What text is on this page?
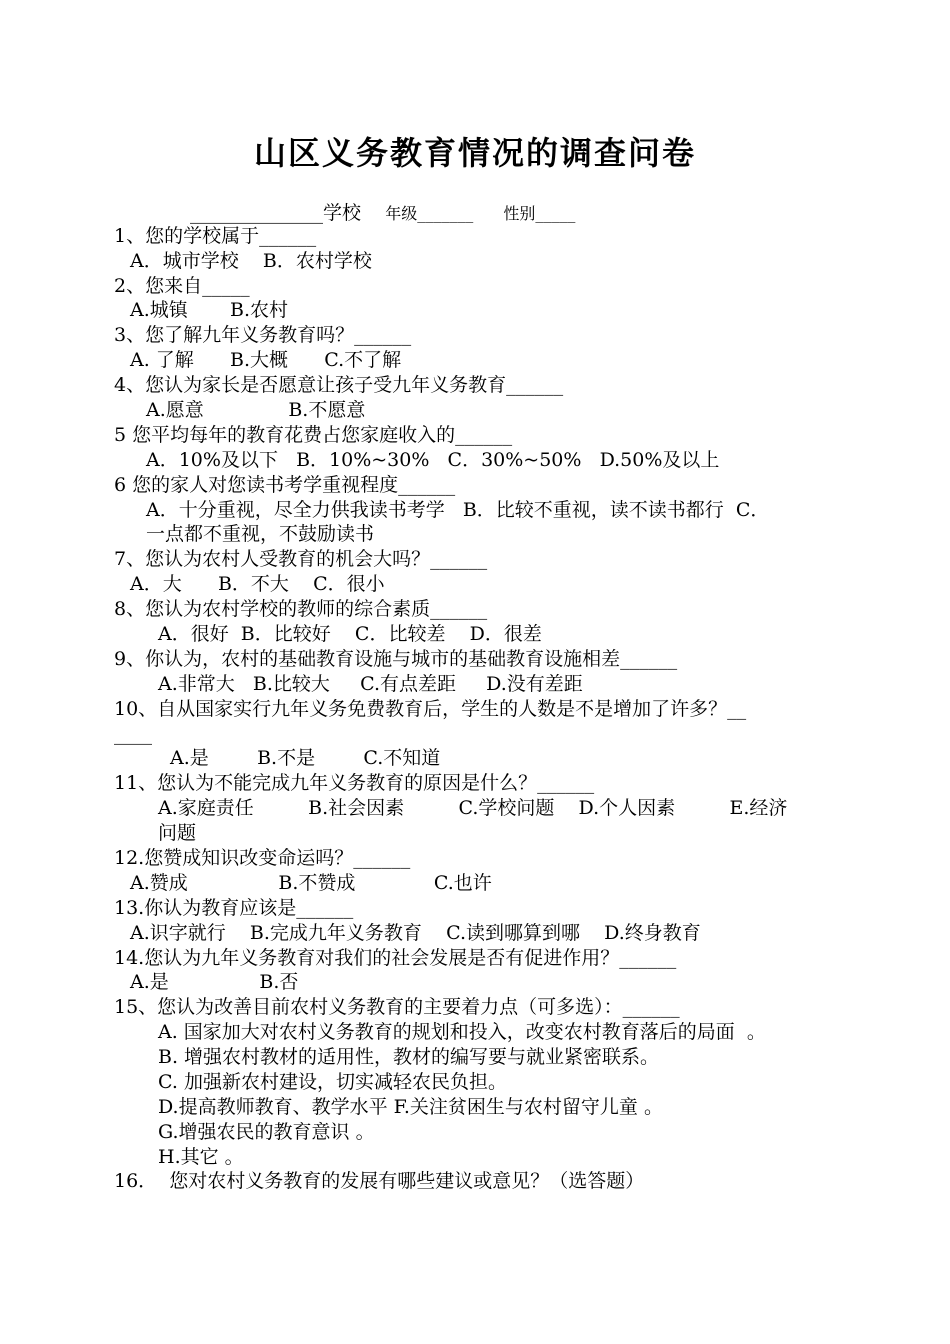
山区义务教育情况的调查问卷
______________学校 年级_______ 性别_____
1、您的学校属于______
A．城市学校    B．农村学校
2、您来自_____
A.城镇       B.农村
3、您了解九年义务教育吗？______
A. 了解      B.大概      C.不了解
4、您认为家长是否愿意让孩子受九年义务教育______
A.愿意              B.不愿意
5 您平均每年的教育花费占您家庭收入的______
A．10%及以下   B．10%~30%   C．30%~50%   D.50%及以上
6 您的家人对您读书考学重视程度______
A．十分重视，尽全力供我读书考学   B．比较不重视，读不读书都行  C．
一点都不重视，不鼓励读书
7、您认为农村人受教育的机会大吗？______
A．大      B．不大    C．很小
8、您认为农村学校的教师的综合素质______
A．很好  B．比较好    C．比较差    D．很差
9、你认为，农村的基础教育设施与城市的基础教育设施相差______
A.非常大   B.比较大     C.有点差距     D.没有差距
10、自从国家实行九年义务免费教育后，学生的人数是不是增加了许多？__
____
A.是        B.不是        C.不知道
11、您认为不能完成九年义务教育的原因是什么？______
A.家庭责任         B.社会因素         C.学校问题    D.个人因素         E.经济
问题
12.您赞成知识改变命运吗？______
A.赞成               B.不赞成             C.也许
13.你认为教育应该是______
A.识字就行    B.完成九年义务教育    C.读到哪算到哪    D.终身教育
14.您认为九年义务教育对我们的社会发展是否有促进作用？______
A.是               B.否
15、您认为改善目前农村义务教育的主要着力点（可多选）：______
A. 国家加大对农村义务教育的规划和投入，改变农村教育落后的局面  。
B. 增强农村教材的适用性，教材的编写要与就业紧密联系。
C. 加强新农村建设，切实减轻农民负担。
D.提高教师教育、教学水平 F.关注贫困生与农村留守儿童 。
G.增强农民的教育意识 。
H.其它 。
16．  您对农村义务教育的发展有哪些建议或意见？（选答题）
